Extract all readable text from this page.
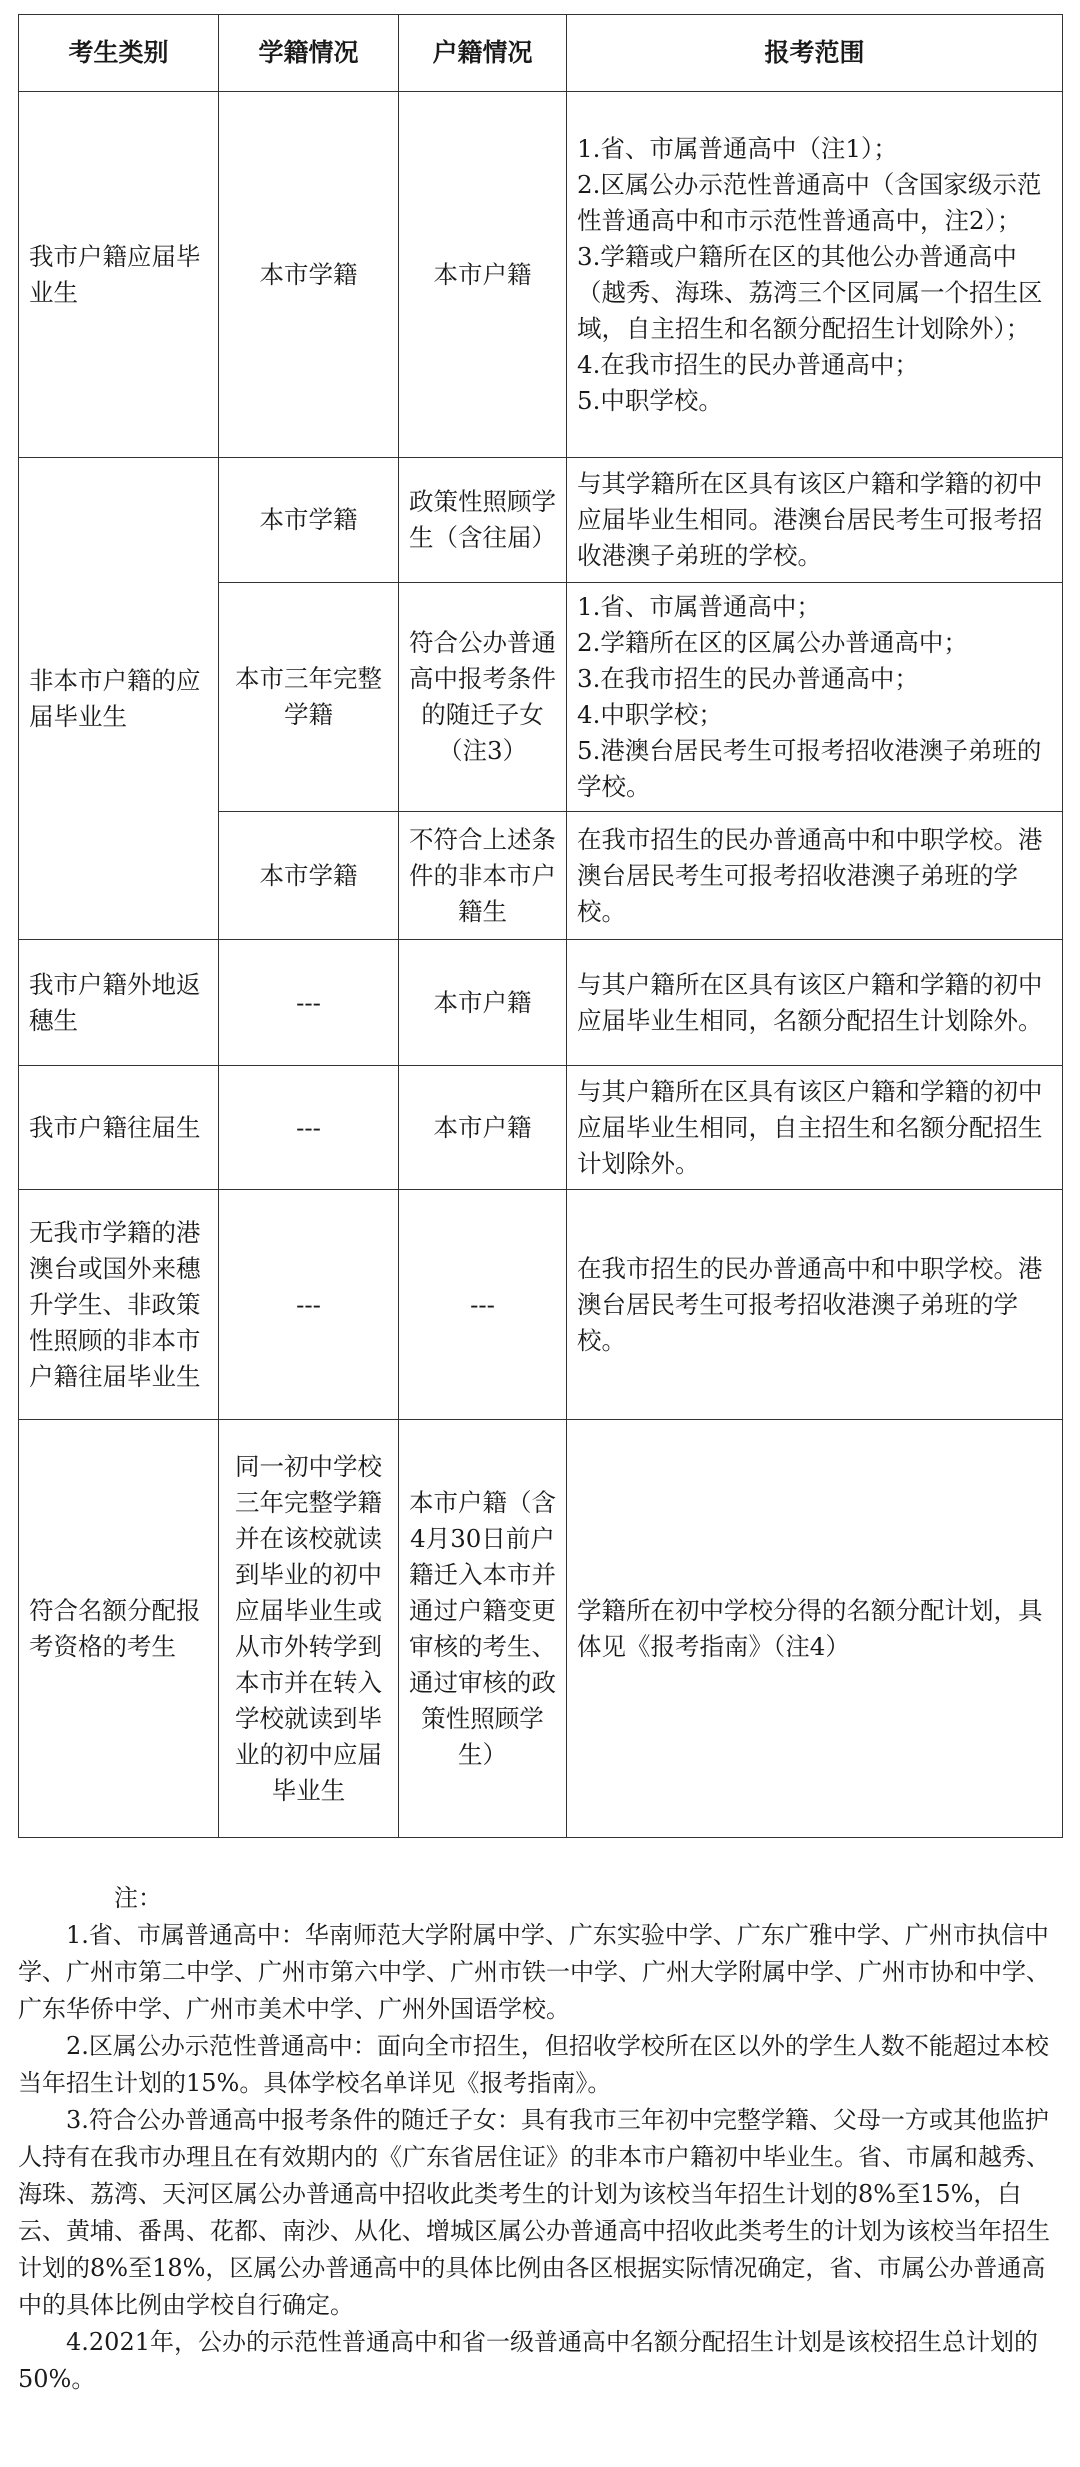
考生类别	学籍情况	户籍情况	报考范围
我市户籍应届毕业生	本市学籍	本市户籍	1.省、市属普通高中（注1）；
2.区属公办示范性普通高中（含国家级示范性普通高中和市示范性普通高中，注2）；
3.学籍或户籍所在区的其他公办普通高中（越秀、海珠、荔湾三个区同属一个招生区域，自主招生和名额分配招生计划除外）；
4.在我市招生的民办普通高中；
5.中职学校。

非本市户籍的应届毕业生	本市学籍	政策性照顾学生（含往届）	与其学籍所在区具有该区户籍和学籍的初中应届毕业生相同。港澳台居民考生可报考招收港澳子弟班的学校。
	本市三年完整学籍	符合公办普通高中报考条件的随迁子女（注3）	1.省、市属普通高中；
2.学籍所在区的区属公办普通高中；
3.在我市招生的民办普通高中；
4.中职学校；
5.港澳台居民考生可报考招收港澳子弟班的学校。

	本市学籍	不符合上述条件的非本市户籍生	在我市招生的民办普通高中和中职学校。港澳台居民考生可报考招收港澳子弟班的学校。
我市户籍外地返穗生	---	本市户籍	与其户籍所在区具有该区户籍和学籍的初中应届毕业生相同，名额分配招生计划除外。
我市户籍往届生	---	本市户籍	与其户籍所在区具有该区户籍和学籍的初中应届毕业生相同，自主招生和名额分配招生计划除外。
无我市学籍的港澳台或国外来穗升学生、非政策性照顾的非本市户籍往届毕业生	---	---	在我市招生的民办普通高中和中职学校。港澳台居民考生可报考招收港澳子弟班的学校。
符合名额分配报考资格的考生	同一初中学校三年完整学籍并在该校就读到毕业的初中应届毕业生或从市外转学到本市并在转入学校就读到毕业的初中应届毕业生	本市户籍（含4月30日前户籍迁入本市并通过户籍变更审核的考生、通过审核的政策性照顾学生）	学籍所在初中学校分得的名额分配计划，具体见《报考指南》（注4）

注：

1.省、市属普通高中：华南师范大学附属中学、广东实验中学、广东广雅中学、广州市执信中学、广州市第二中学、广州市第六中学、广州市铁一中学、广州大学附属中学、广州市协和中学、广东华侨中学、广州市美术中学、广州外国语学校。

2.区属公办示范性普通高中：面向全市招生，但招收学校所在区以外的学生人数不能超过本校当年招生计划的15%。具体学校名单详见《报考指南》。

3.符合公办普通高中报考条件的随迁子女：具有我市三年初中完整学籍、父母一方或其他监护人持有在我市办理且在有效期内的《广东省居住证》的非本市户籍初中毕业生。省、市属和越秀、海珠、荔湾、天河区属公办普通高中招收此类考生的计划为该校当年招生计划的8%至15%，白云、黄埔、番禺、花都、南沙、从化、增城区属公办普通高中招收此类考生的计划为该校当年招生计划的8%至18%，区属公办普通高中的具体比例由各区根据实际情况确定，省、市属公办普通高中的具体比例由学校自行确定。

4.2021年，公办的示范性普通高中和省一级普通高中名额分配招生计划是该校招生总计划的50%。
